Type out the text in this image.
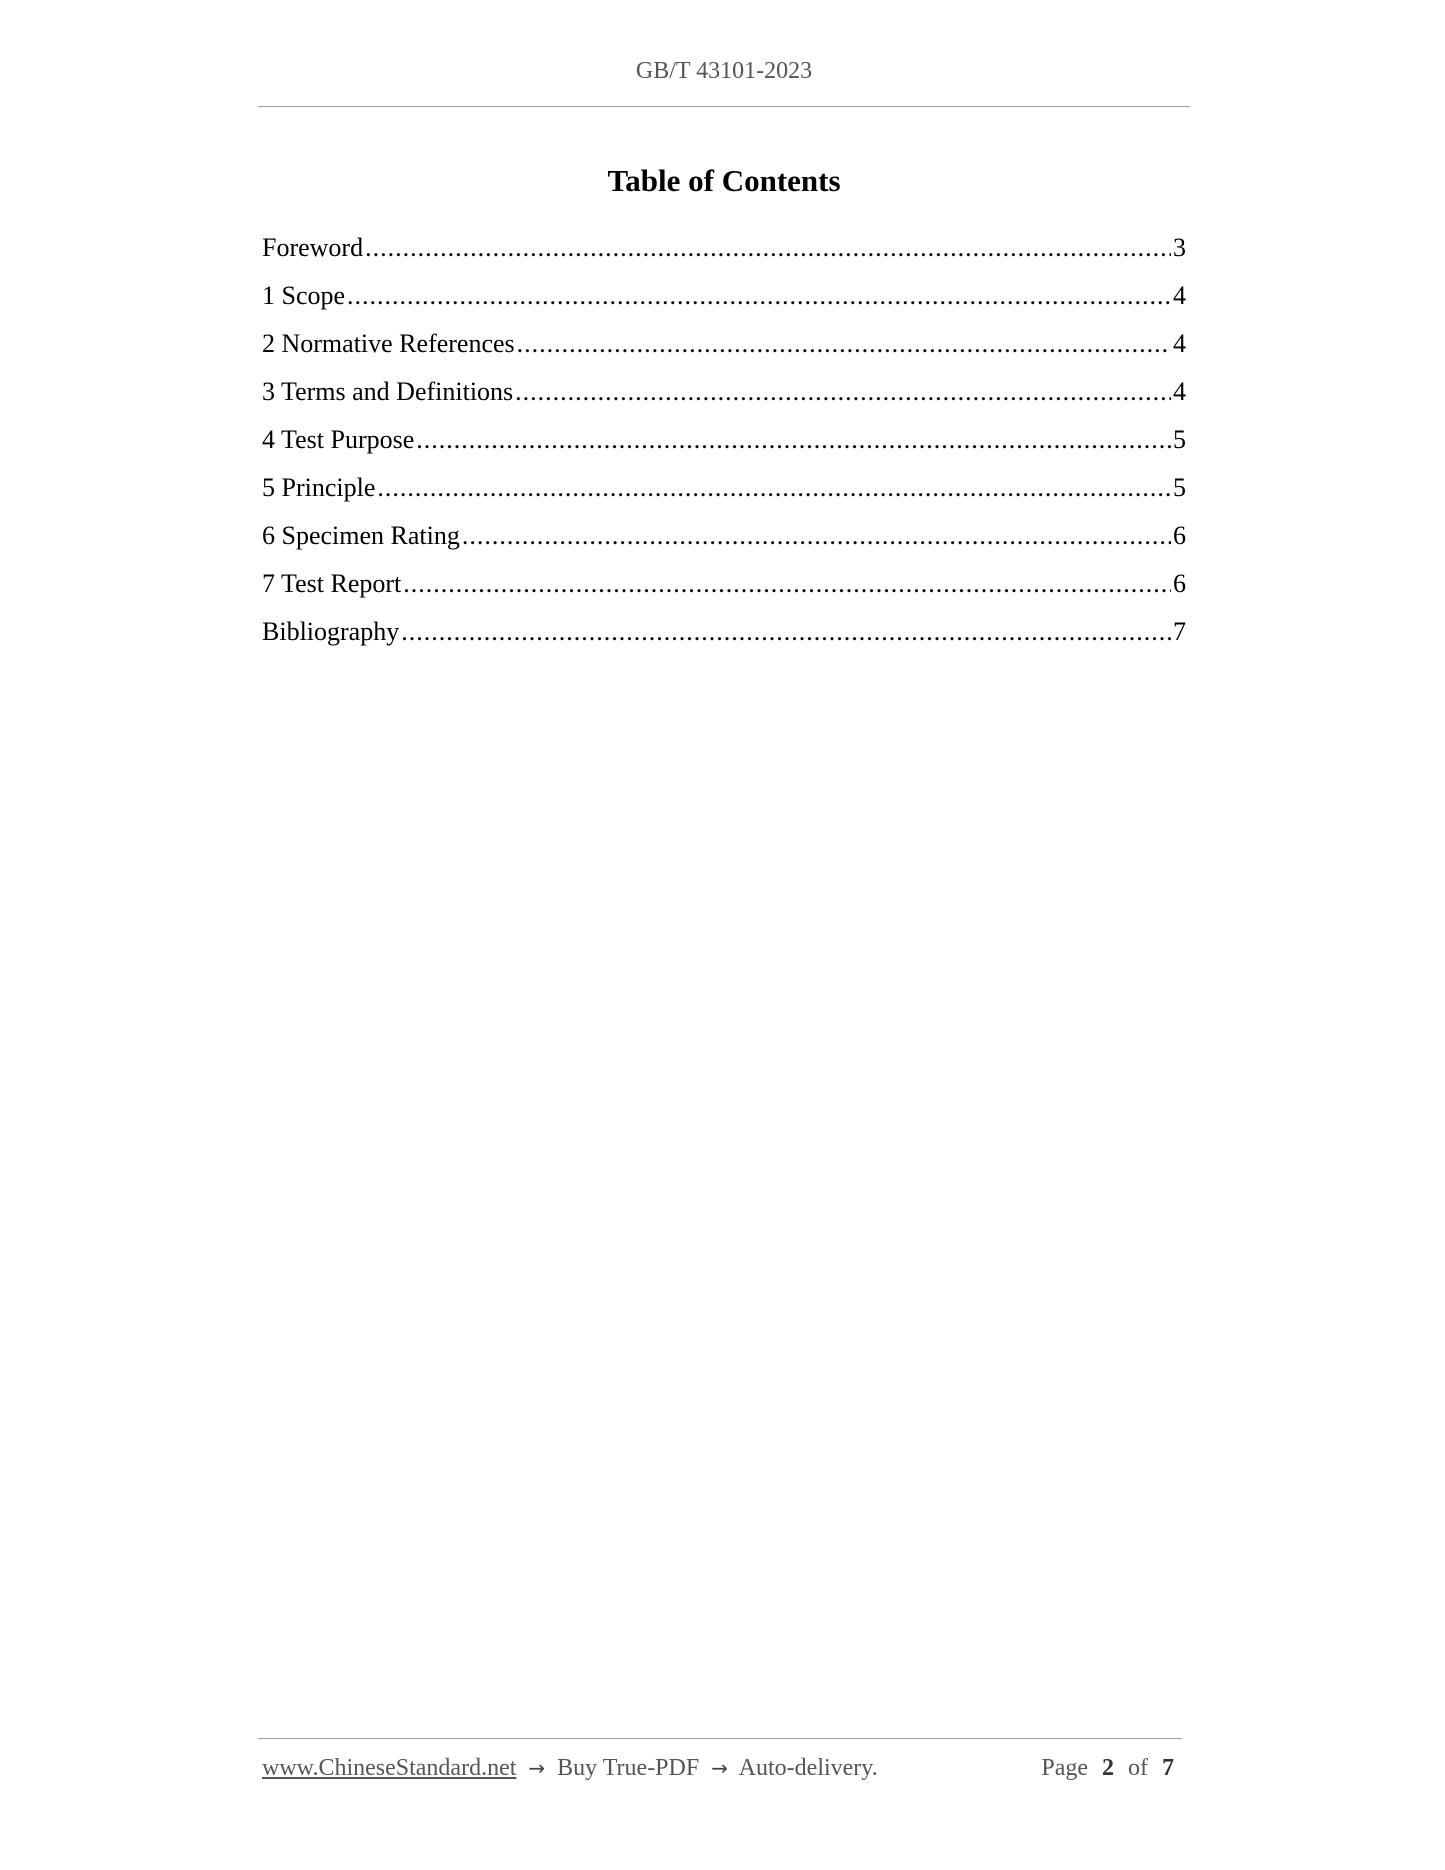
GB/T 43101-2023
Table of Contents
Foreword .....	3
1 Scope .....	4
2 Normative References .....	4
3 Terms and Definitions .....	4
4 Test Purpose .....	5
5 Principle .....	5
6 Specimen Rating .....	6
7 Test Report .....	6
Bibliography .....	7
www.ChineseStandard.net → Buy True-PDF → Auto-delivery.	Page 2 of 7
